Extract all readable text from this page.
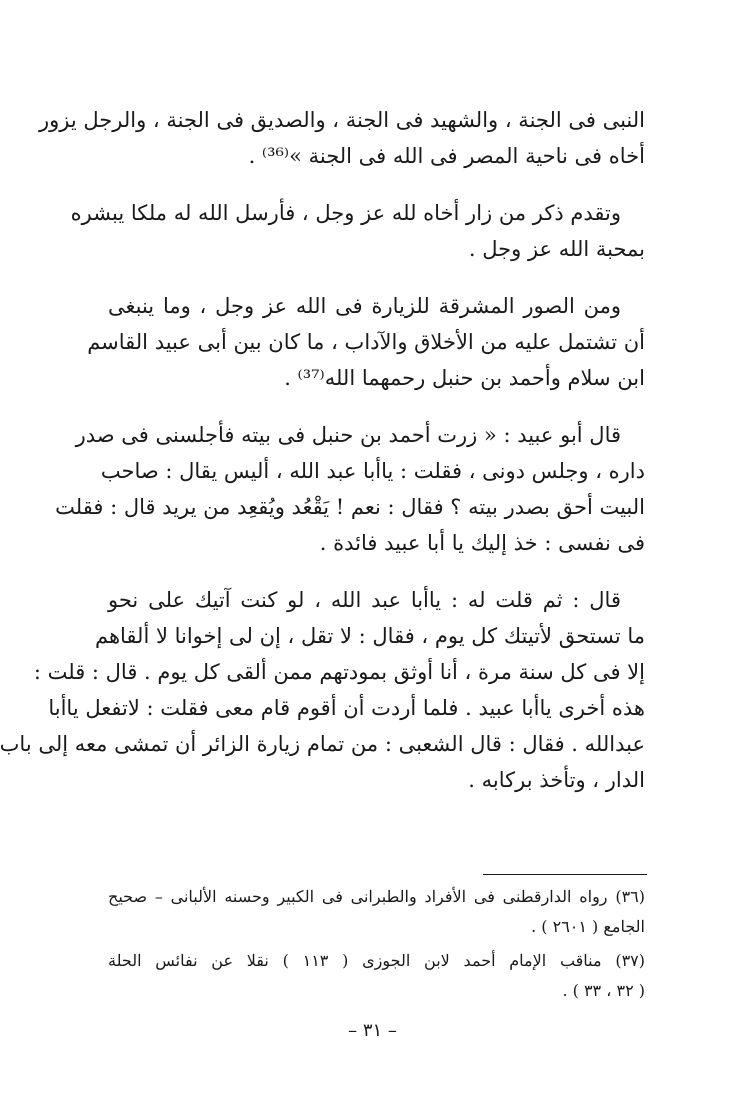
النبى فى الجنة ، والشهيد فى الجنة ، والصديق فى الجنة ، والرجل يزور
أخاه فى ناحية المصر فى الله فى الجنة »⁽³⁶⁾ .

وتقدم ذكر من زار أخاه لله عز وجل ، فأرسل الله له ملكا يبشره
بمحبة الله عز وجل .

ومن الصور المشرقة للزيارة فى الله عز وجل ، وما ينبغى
أن تشتمل عليه من الأخلاق والآداب ، ما كان بين أبى عبيد القاسم
ابن سلام وأحمد بن حنبل رحمهما الله⁽³⁷⁾ .

قال أبو عبيد : « زرت أحمد بن حنبل فى بيته فأجلسنى فى صدر
داره ، وجلس دونى ، فقلت : ياأبا عبد الله ، أليس يقال : صاحب
البيت أحق بصدر بيته ؟ فقال : نعم ! يَقْعُد ويُقعِد من يريد قال : فقلت
فى نفسى : خذ إليك يا أبا عبيد فائدة .

قال : ثم قلت له : ياأبا عبد الله ، لو كنت آتيك على نحو
ما تستحق لأتيتك كل يوم ، فقال : لا تقل ، إن لى إخوانا لا ألقاهم
إلا فى كل سنة مرة ، أنا أوثق بمودتهم ممن ألقى كل يوم . قال : قلت :
هذه أخرى ياأبا عبيد . فلما أردت أن أقوم قام معى فقلت : لاتفعل ياأبا
عبدالله . فقال : قال الشعبى : من تمام زيارة الزائر أن تمشى معه إلى باب
الدار ، وتأخذ بركابه .

(٣٦) رواه الدارقطنى فى الأفراد والطبرانى فى الكبير وحسنه الألبانى – صحيح
الجامع ( ٢٦٠١ ) .

(٣٧) مناقب الإمام أحمد لابن الجوزى ( ١١٣ ) نقلا عن نفائس الحلة
( ٣٢ ، ٣٣ ) .

– ٣١ –
